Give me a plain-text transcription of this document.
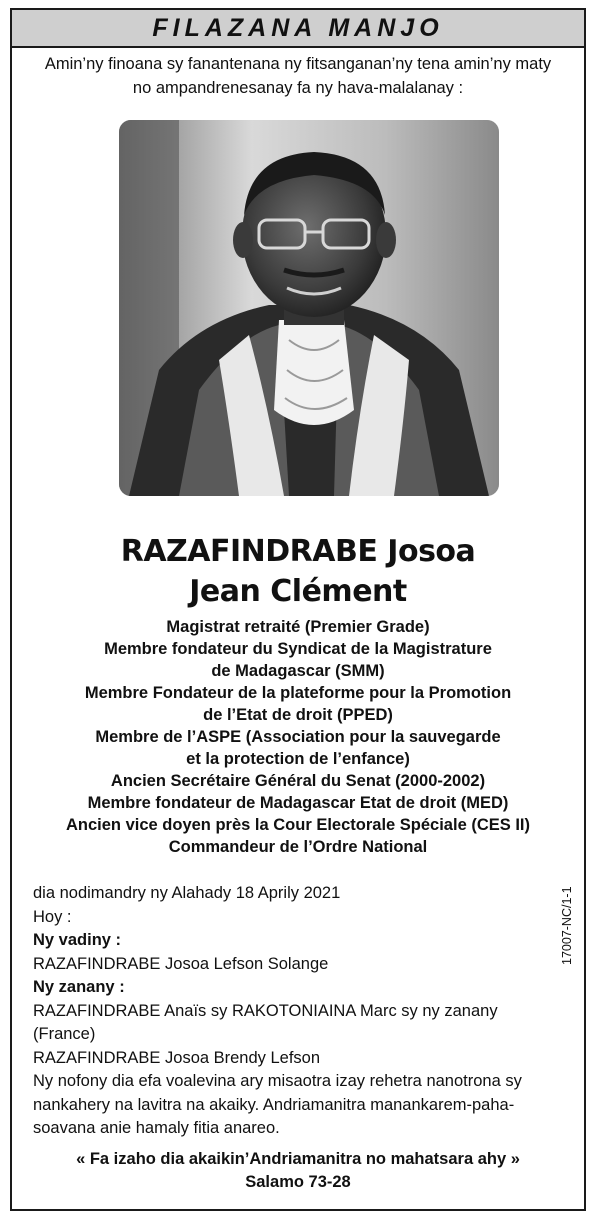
FILAZANA MANJO
Amin’ny finoana sy fanantenana ny fitsanganan’ny tena amin’ny maty
no ampandrenesanay fa ny hava-malalanay :
RAZAFINDRABE Josoa
Jean Clément
Magistrat retraité (Premier Grade)
Membre fondateur du Syndicat de la Magistrature
de Madagascar (SMM)
Membre Fondateur de la plateforme pour la Promotion
de l’Etat de droit (PPED)
Membre de l’ASPE (Association pour la sauvegarde
et la protection de l’enfance)
Ancien Secrétaire Général du Senat (2000-2002)
Membre fondateur de Madagascar Etat de droit (MED)
Ancien vice doyen près la Cour Electorale Spéciale (CES II)
Commandeur de l’Ordre National
dia nodimandry ny Alahady 18 Aprily 2021
Hoy :
Ny vadiny :
RAZAFINDRABE Josoa Lefson Solange
Ny zanany :
RAZAFINDRABE Anaïs sy RAKOTONIAINA Marc sy ny zanany
(France)
RAZAFINDRABE Josoa Brendy Lefson
Ny nofony dia efa voalevina ary misaotra izay rehetra nanotrona sy nankahery na lavitra na akaiky. Andriamanitra manankarem-paha-soavana anie hamaly fitia anareo.
« Fa izaho dia akaikin’Andriamanitra no mahatsara ahy »
Salamo 73-28
17007-NC/1-1
